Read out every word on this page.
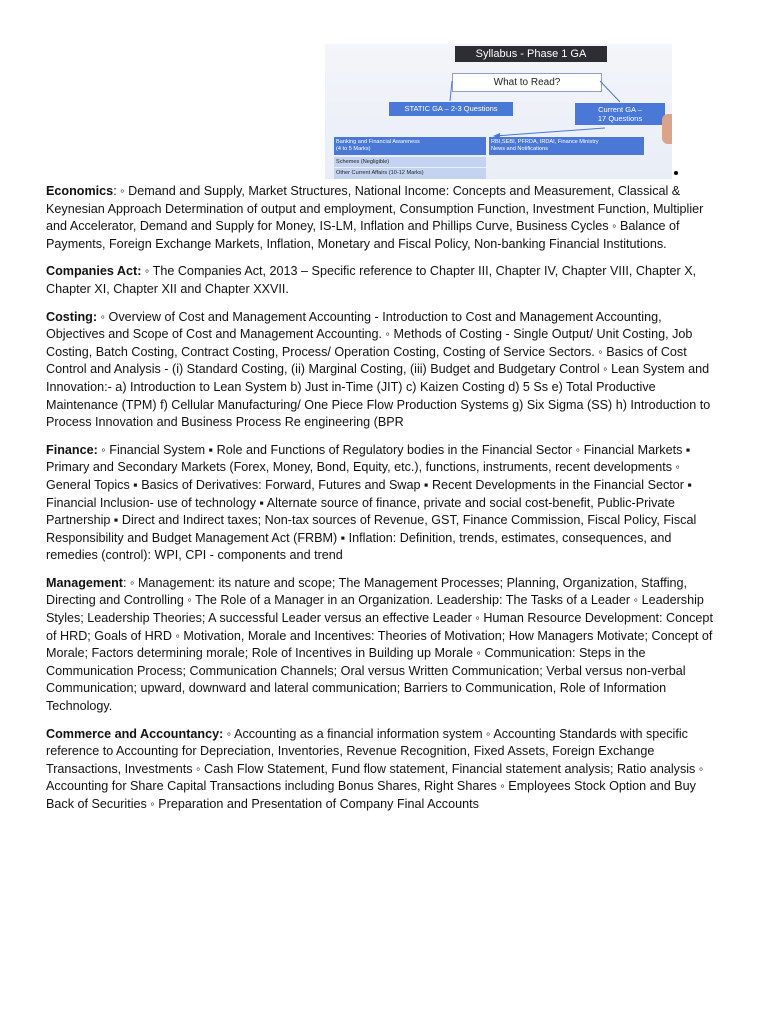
Syllabus - Phase 1 GA
What to Read?
STATIC GA – 2-3 Questions	Current GA –
17 Questions
Banking and Financial Awareness
(4 to 5 Marks)
RBI,SEBI, PFRDA, IRDAI, Finance Ministry
News and Notifications
Schemes (Negligible)
Other Current Affairs (10-12 Marks)

Economics: ◦ Demand and Supply, Market Structures, National Income: Concepts and Measurement, Classical & Keynesian Approach Determination of output and employment, Consumption Function, Investment Function, Multiplier and Accelerator, Demand and Supply for Money, IS-LM, Inflation and Phillips Curve, Business Cycles ◦ Balance of Payments, Foreign Exchange Markets, Inflation, Monetary and Fiscal Policy, Non-banking Financial Institutions.

Companies Act: ◦ The Companies Act, 2013 – Specific reference to Chapter III, Chapter IV, Chapter VIII, Chapter X, Chapter XI, Chapter XII and Chapter XXVII.

Costing: ◦ Overview of Cost and Management Accounting - Introduction to Cost and Management Accounting, Objectives and Scope of Cost and Management Accounting. ◦ Methods of Costing - Single Output/ Unit Costing, Job Costing, Batch Costing, Contract Costing, Process/ Operation Costing, Costing of Service Sectors. ◦ Basics of Cost Control and Analysis - (i) Standard Costing, (ii) Marginal Costing, (iii) Budget and Budgetary Control ◦ Lean System and Innovation:- a) Introduction to Lean System b) Just in-Time (JIT) c) Kaizen Costing d) 5 Ss e) Total Productive Maintenance (TPM) f) Cellular Manufacturing/ One Piece Flow Production Systems g) Six Sigma (SS) h) Introduction to Process Innovation and Business Process Re engineering (BPR

Finance: ◦ Financial System ▪ Role and Functions of Regulatory bodies in the Financial Sector ◦ Financial Markets ▪ Primary and Secondary Markets (Forex, Money, Bond, Equity, etc.), functions, instruments, recent developments ◦ General Topics ▪ Basics of Derivatives: Forward, Futures and Swap ▪ Recent Developments in the Financial Sector ▪ Financial Inclusion- use of technology ▪ Alternate source of finance, private and social cost-benefit, Public-Private Partnership ▪ Direct and Indirect taxes; Non-tax sources of Revenue, GST, Finance Commission, Fiscal Policy, Fiscal Responsibility and Budget Management Act (FRBM) ▪ Inflation: Definition, trends, estimates, consequences, and remedies (control): WPI, CPI - components and trend

Management: ◦ Management: its nature and scope; The Management Processes; Planning, Organization, Staffing, Directing and Controlling ◦ The Role of a Manager in an Organization. Leadership: The Tasks of a Leader ◦ Leadership Styles; Leadership Theories; A successful Leader versus an effective Leader ◦ Human Resource Development: Concept of HRD; Goals of HRD ◦ Motivation, Morale and Incentives: Theories of Motivation; How Managers Motivate; Concept of Morale; Factors determining morale; Role of Incentives in Building up Morale ◦ Communication: Steps in the Communication Process; Communication Channels; Oral versus Written Communication; Verbal versus non-verbal Communication; upward, downward and lateral communication; Barriers to Communication, Role of Information Technology.

Commerce and Accountancy: ◦ Accounting as a financial information system ◦ Accounting Standards with specific reference to Accounting for Depreciation, Inventories, Revenue Recognition, Fixed Assets, Foreign Exchange Transactions, Investments ◦ Cash Flow Statement, Fund flow statement, Financial statement analysis; Ratio analysis ◦ Accounting for Share Capital Transactions including Bonus Shares, Right Shares ◦ Employees Stock Option and Buy Back of Securities ◦ Preparation and Presentation of Company Final Accounts
